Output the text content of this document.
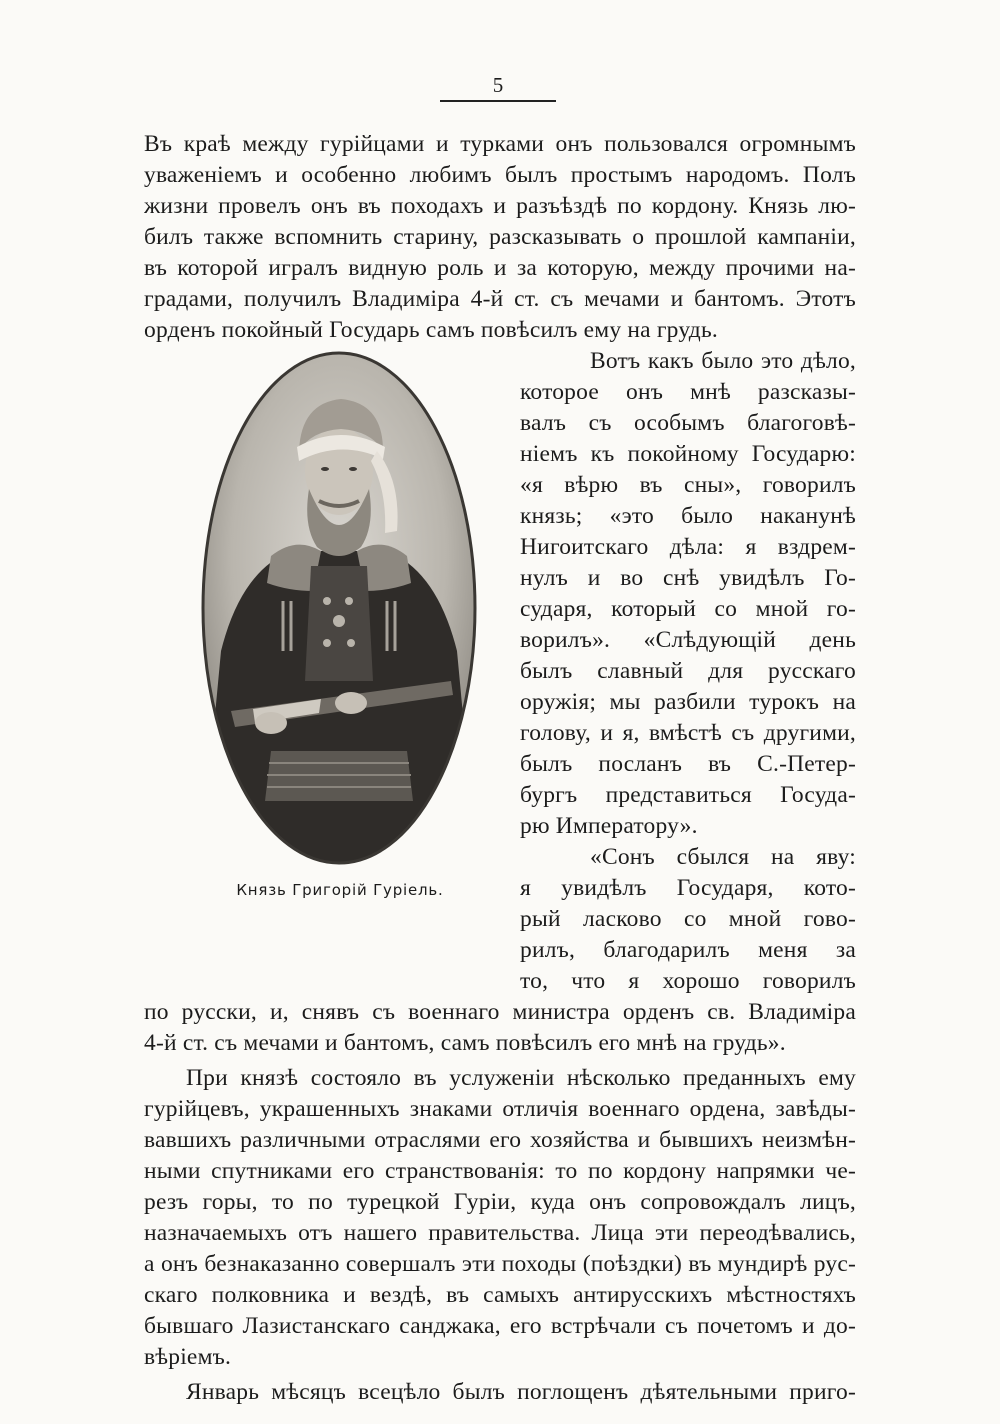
5
Въ краѣ между гурійцами и турками онъ пользовался огромнымъ
уваженіемъ и особенно любимъ былъ простымъ народомъ. Полъ
жизни провелъ онъ въ походахъ и разъѣздѣ по кордону. Князь лю-
билъ также вспомнить старину, разсказывать о прошлой кампаніи,
въ которой игралъ видную роль и за которую, между прочими на-
градами, получилъ Владиміра 4-й ст. съ мечами и бантомъ. Этотъ
орденъ покойный Государь самъ повѣсилъ ему на грудь.
Вотъ какъ было это дѣло,
которое онъ мнѣ разсказы-
валъ съ особымъ благоговѣ-
ніемъ къ покойному Государю:
«я вѣрю въ сны», говорилъ
князь; «это было наканунѣ
Нигоитскаго дѣла: я вздрем-
нулъ и во снѣ увидѣлъ Го-
сударя, который со мной го-
ворилъ». «Слѣдующій день
былъ славный для русскаго
оружія; мы разбили турокъ на
голову, и я, вмѣстѣ съ другими,
былъ посланъ въ С.-Петер-
бургъ представиться Госуда-
рю Императору».
«Сонъ сбылся на яву:
я увидѣлъ Государя, кото-
рый ласково со мной гово-
рилъ, благодарилъ меня за
то, что я хорошо говорилъ
по русски, и, снявъ съ военнаго министра орденъ св. Владиміра
4-й ст. съ мечами и бантомъ, самъ повѣсилъ его мнѣ на грудь».
При князѣ состояло въ услуженіи нѣсколько преданныхъ ему
гурійцевъ, украшенныхъ знаками отличія военнаго ордена, завѣды-
вавшихъ различными отраслями его хозяйства и бывшихъ неизмѣн-
ными спутниками его странствованія: то по кордону напрямки че-
резъ горы, то по турецкой Гуріи, куда онъ сопровождалъ лицъ,
назначаемыхъ отъ нашего правительства. Лица эти переодѣвались,
а онъ безнаказанно совершалъ эти походы (поѣздки) въ мундирѣ рус-
скаго полковника и вездѣ, въ самыхъ антирусскихъ мѣстностяхъ
бывшаго Лазистанскаго санджака, его встрѣчали съ почетомъ и до-
вѣріемъ.
Январь мѣсяцъ всецѣло былъ поглощенъ дѣятельными приго-
Князь Григорій Гуріель.
